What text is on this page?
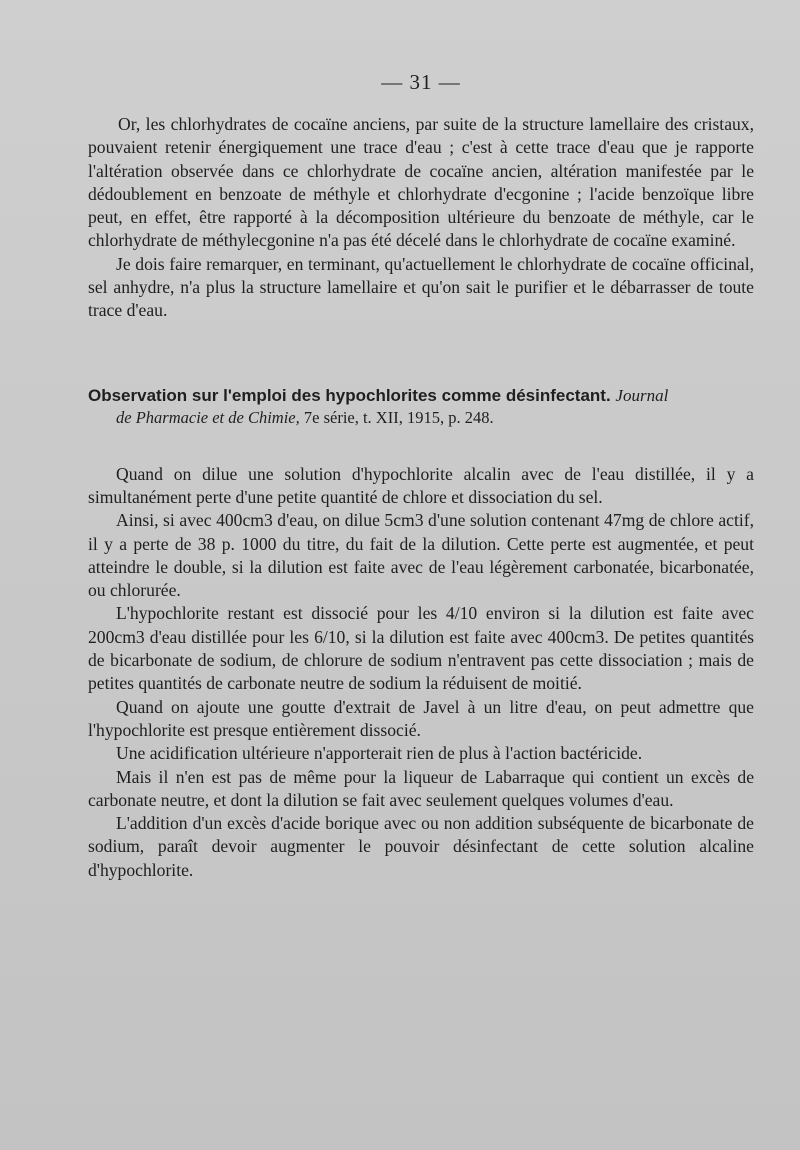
— 31 —

Or, les chlorhydrates de cocaïne anciens, par suite de la structure lamellaire des cristaux, pouvaient retenir énergiquement une trace d'eau ; c'est à cette trace d'eau que je rapporte l'altération observée dans ce chlorhydrate de cocaïne ancien, altération manifestée par le dédoublement en benzoate de méthyle et chlorhydrate d'ecgonine ; l'acide benzoïque libre peut, en effet, être rapporté à la décomposition ultérieure du benzoate de méthyle, car le chlorhydrate de méthylecgonine n'a pas été décelé dans le chlorhydrate de cocaïne examiné.

Je dois faire remarquer, en terminant, qu'actuellement le chlorhydrate de cocaïne officinal, sel anhydre, n'a plus la structure lamellaire et qu'on sait le purifier et le débarrasser de toute trace d'eau.

Observation sur l'emploi des hypochlorites comme désinfectant. Journal

de Pharmacie et de Chimie, 7e série, t. XII, 1915, p. 248.

Quand on dilue une solution d'hypochlorite alcalin avec de l'eau distillée, il y a simultanément perte d'une petite quantité de chlore et dissociation du sel.

Ainsi, si avec 400cm3 d'eau, on dilue 5cm3 d'une solution contenant 47mg de chlore actif, il y a perte de 38 p. 1000 du titre, du fait de la dilution. Cette perte est augmentée, et peut atteindre le double, si la dilution est faite avec de l'eau légèrement carbonatée, bicarbonatée, ou chlorurée.

L'hypochlorite restant est dissocié pour les 4/10 environ si la dilution est faite avec 200cm3 d'eau distillée pour les 6/10, si la dilution est faite avec 400cm3. De petites quantités de bicarbonate de sodium, de chlorure de sodium n'entravent pas cette dissociation ; mais de petites quantités de carbonate neutre de sodium la réduisent de moitié.

Quand on ajoute une goutte d'extrait de Javel à un litre d'eau, on peut admettre que l'hypochlorite est presque entièrement dissocié.

Une acidification ultérieure n'apporterait rien de plus à l'action bactéricide.

Mais il n'en est pas de même pour la liqueur de Labarraque qui contient un excès de carbonate neutre, et dont la dilution se fait avec seulement quelques volumes d'eau.

L'addition d'un excès d'acide borique avec ou non addition subséquente de bicarbonate de sodium, paraît devoir augmenter le pouvoir désinfectant de cette solution alcaline d'hypochlorite.
